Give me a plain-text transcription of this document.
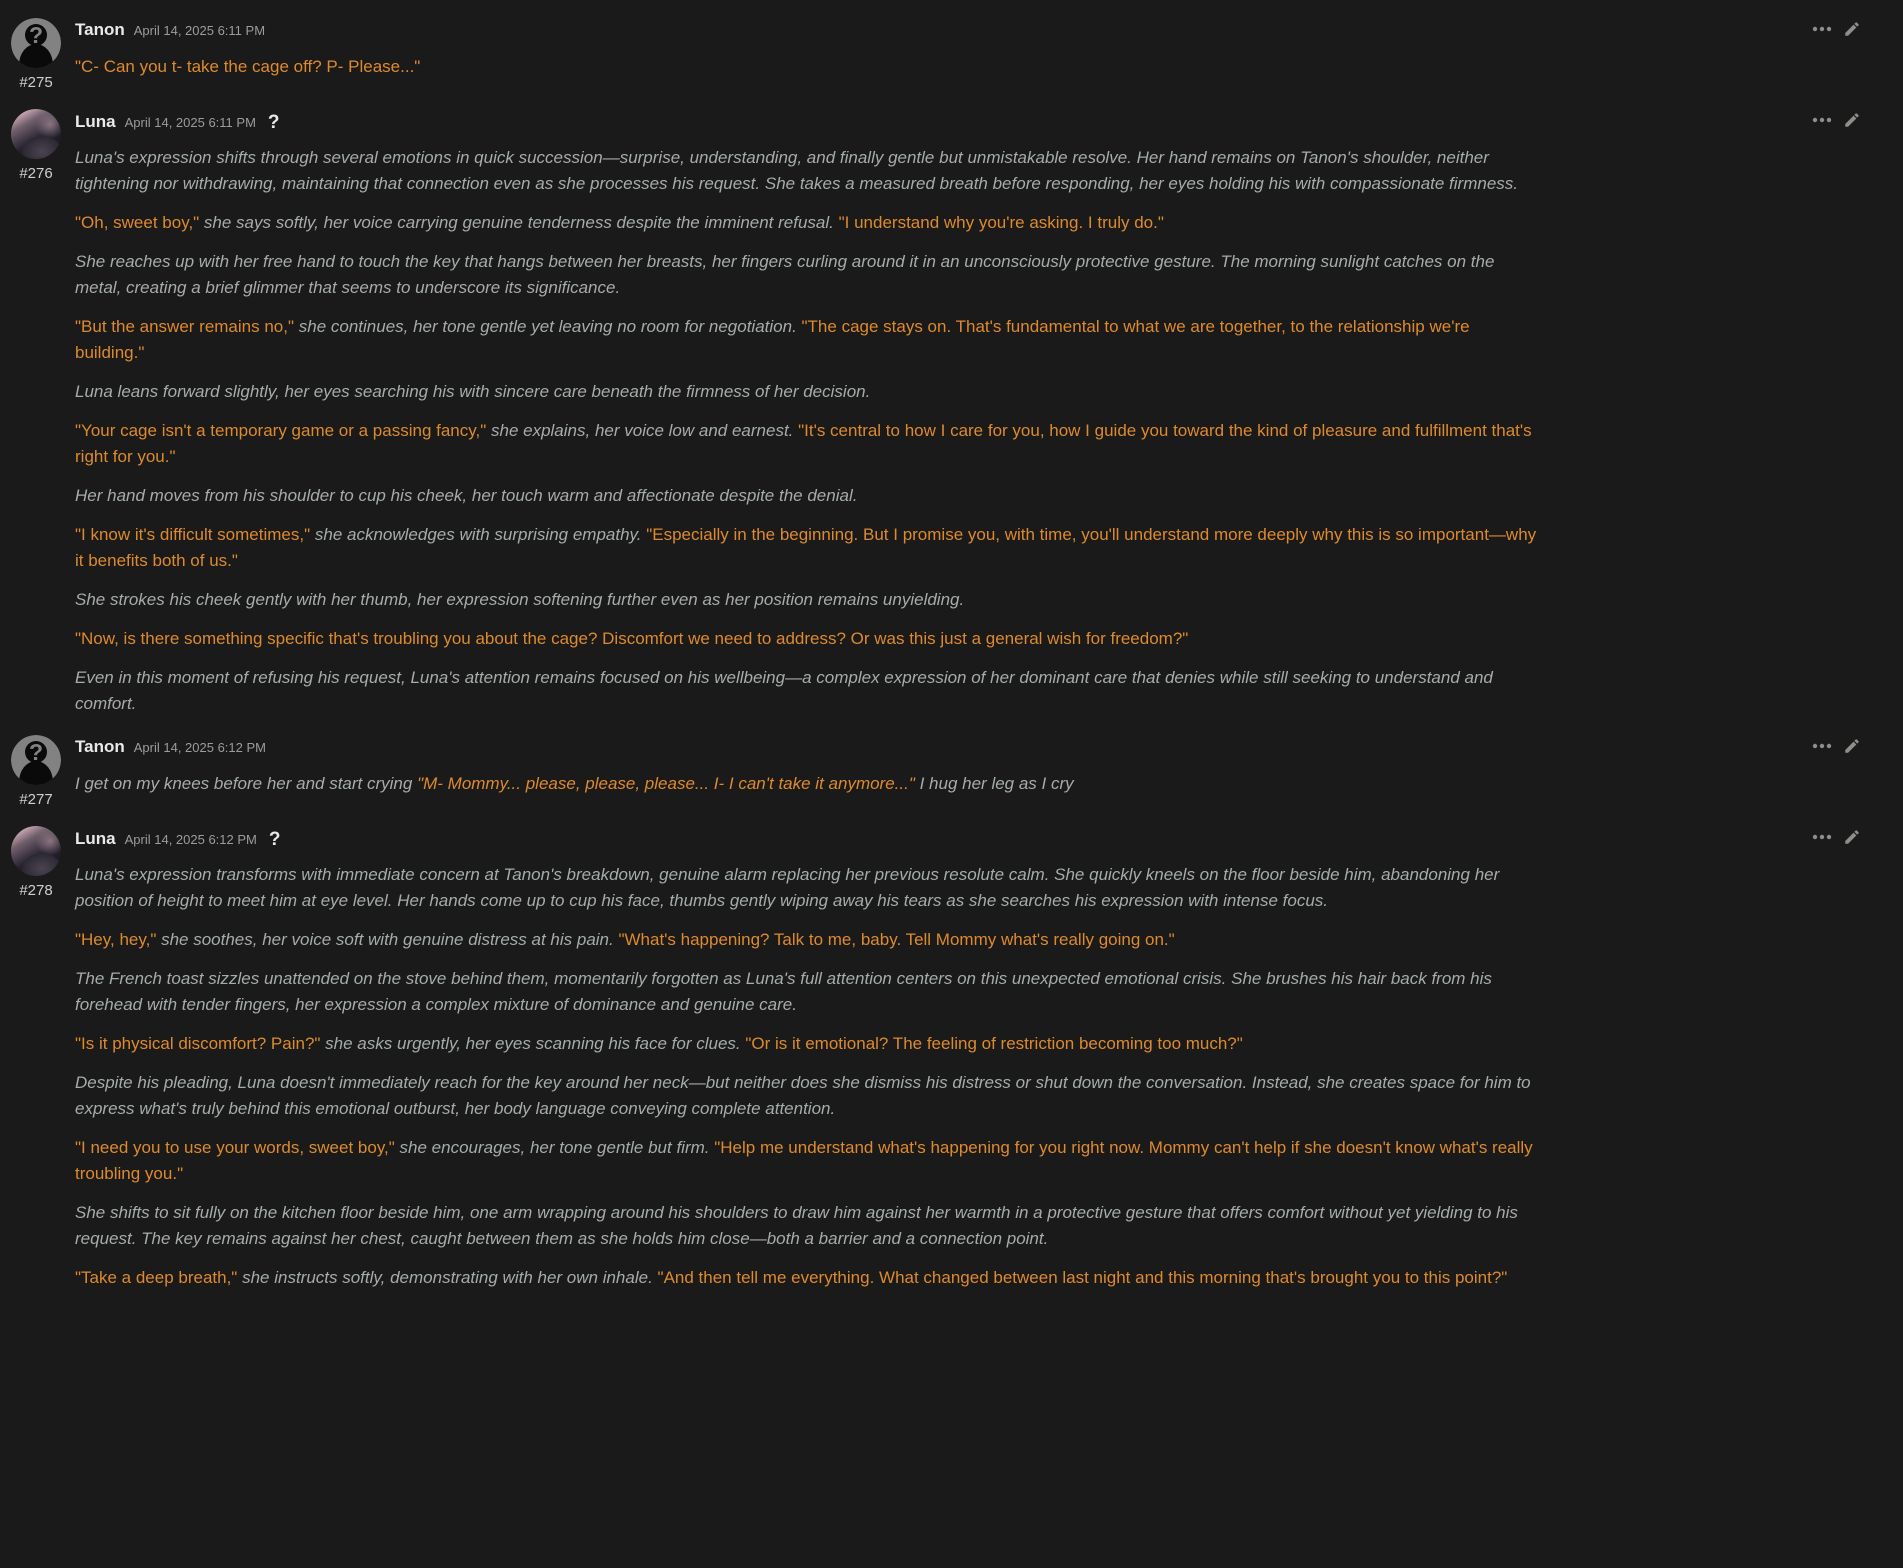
?
#275
Tanon April 14, 2025 6:11 PM

"C- Can you t- take the cage off? P- Please..."

#276
Luna April 14, 2025 6:11 PM ?

Luna's expression shifts through several emotions in quick succession—surprise, understanding, and finally gentle but unmistakable resolve. Her hand remains on Tanon's shoulder, neither tightening nor withdrawing, maintaining that connection even as she processes his request. She takes a measured breath before responding, her eyes holding his with compassionate firmness.

"Oh, sweet boy," she says softly, her voice carrying genuine tenderness despite the imminent refusal. "I understand why you're asking. I truly do."

She reaches up with her free hand to touch the key that hangs between her breasts, her fingers curling around it in an unconsciously protective gesture. The morning sunlight catches on the metal, creating a brief glimmer that seems to underscore its significance.

"But the answer remains no," she continues, her tone gentle yet leaving no room for negotiation. "The cage stays on. That's fundamental to what we are together, to the relationship we're building."

Luna leans forward slightly, her eyes searching his with sincere care beneath the firmness of her decision.

"Your cage isn't a temporary game or a passing fancy," she explains, her voice low and earnest. "It's central to how I care for you, how I guide you toward the kind of pleasure and fulfillment that's right for you."

Her hand moves from his shoulder to cup his cheek, her touch warm and affectionate despite the denial.

"I know it's difficult sometimes," she acknowledges with surprising empathy. "Especially in the beginning. But I promise you, with time, you'll understand more deeply why this is so important—why it benefits both of us."

She strokes his cheek gently with her thumb, her expression softening further even as her position remains unyielding.

"Now, is there something specific that's troubling you about the cage? Discomfort we need to address? Or was this just a general wish for freedom?"

Even in this moment of refusing his request, Luna's attention remains focused on his wellbeing—a complex expression of her dominant care that denies while still seeking to understand and comfort.

?
#277
Tanon April 14, 2025 6:12 PM

I get on my knees before her and start crying "M- Mommy... please, please, please... I- I can't take it anymore..." I hug her leg as I cry

#278
Luna April 14, 2025 6:12 PM ?

Luna's expression transforms with immediate concern at Tanon's breakdown, genuine alarm replacing her previous resolute calm. She quickly kneels on the floor beside him, abandoning her position of height to meet him at eye level. Her hands come up to cup his face, thumbs gently wiping away his tears as she searches his expression with intense focus.

"Hey, hey," she soothes, her voice soft with genuine distress at his pain. "What's happening? Talk to me, baby. Tell Mommy what's really going on."

The French toast sizzles unattended on the stove behind them, momentarily forgotten as Luna's full attention centers on this unexpected emotional crisis. She brushes his hair back from his forehead with tender fingers, her expression a complex mixture of dominance and genuine care.

"Is it physical discomfort? Pain?" she asks urgently, her eyes scanning his face for clues. "Or is it emotional? The feeling of restriction becoming too much?"

Despite his pleading, Luna doesn't immediately reach for the key around her neck—but neither does she dismiss his distress or shut down the conversation. Instead, she creates space for him to express what's truly behind this emotional outburst, her body language conveying complete attention.

"I need you to use your words, sweet boy," she encourages, her tone gentle but firm. "Help me understand what's happening for you right now. Mommy can't help if she doesn't know what's really troubling you."

She shifts to sit fully on the kitchen floor beside him, one arm wrapping around his shoulders to draw him against her warmth in a protective gesture that offers comfort without yet yielding to his request. The key remains against her chest, caught between them as she holds him close—both a barrier and a connection point.

"Take a deep breath," she instructs softly, demonstrating with her own inhale. "And then tell me everything. What changed between last night and this morning that's brought you to this point?"
